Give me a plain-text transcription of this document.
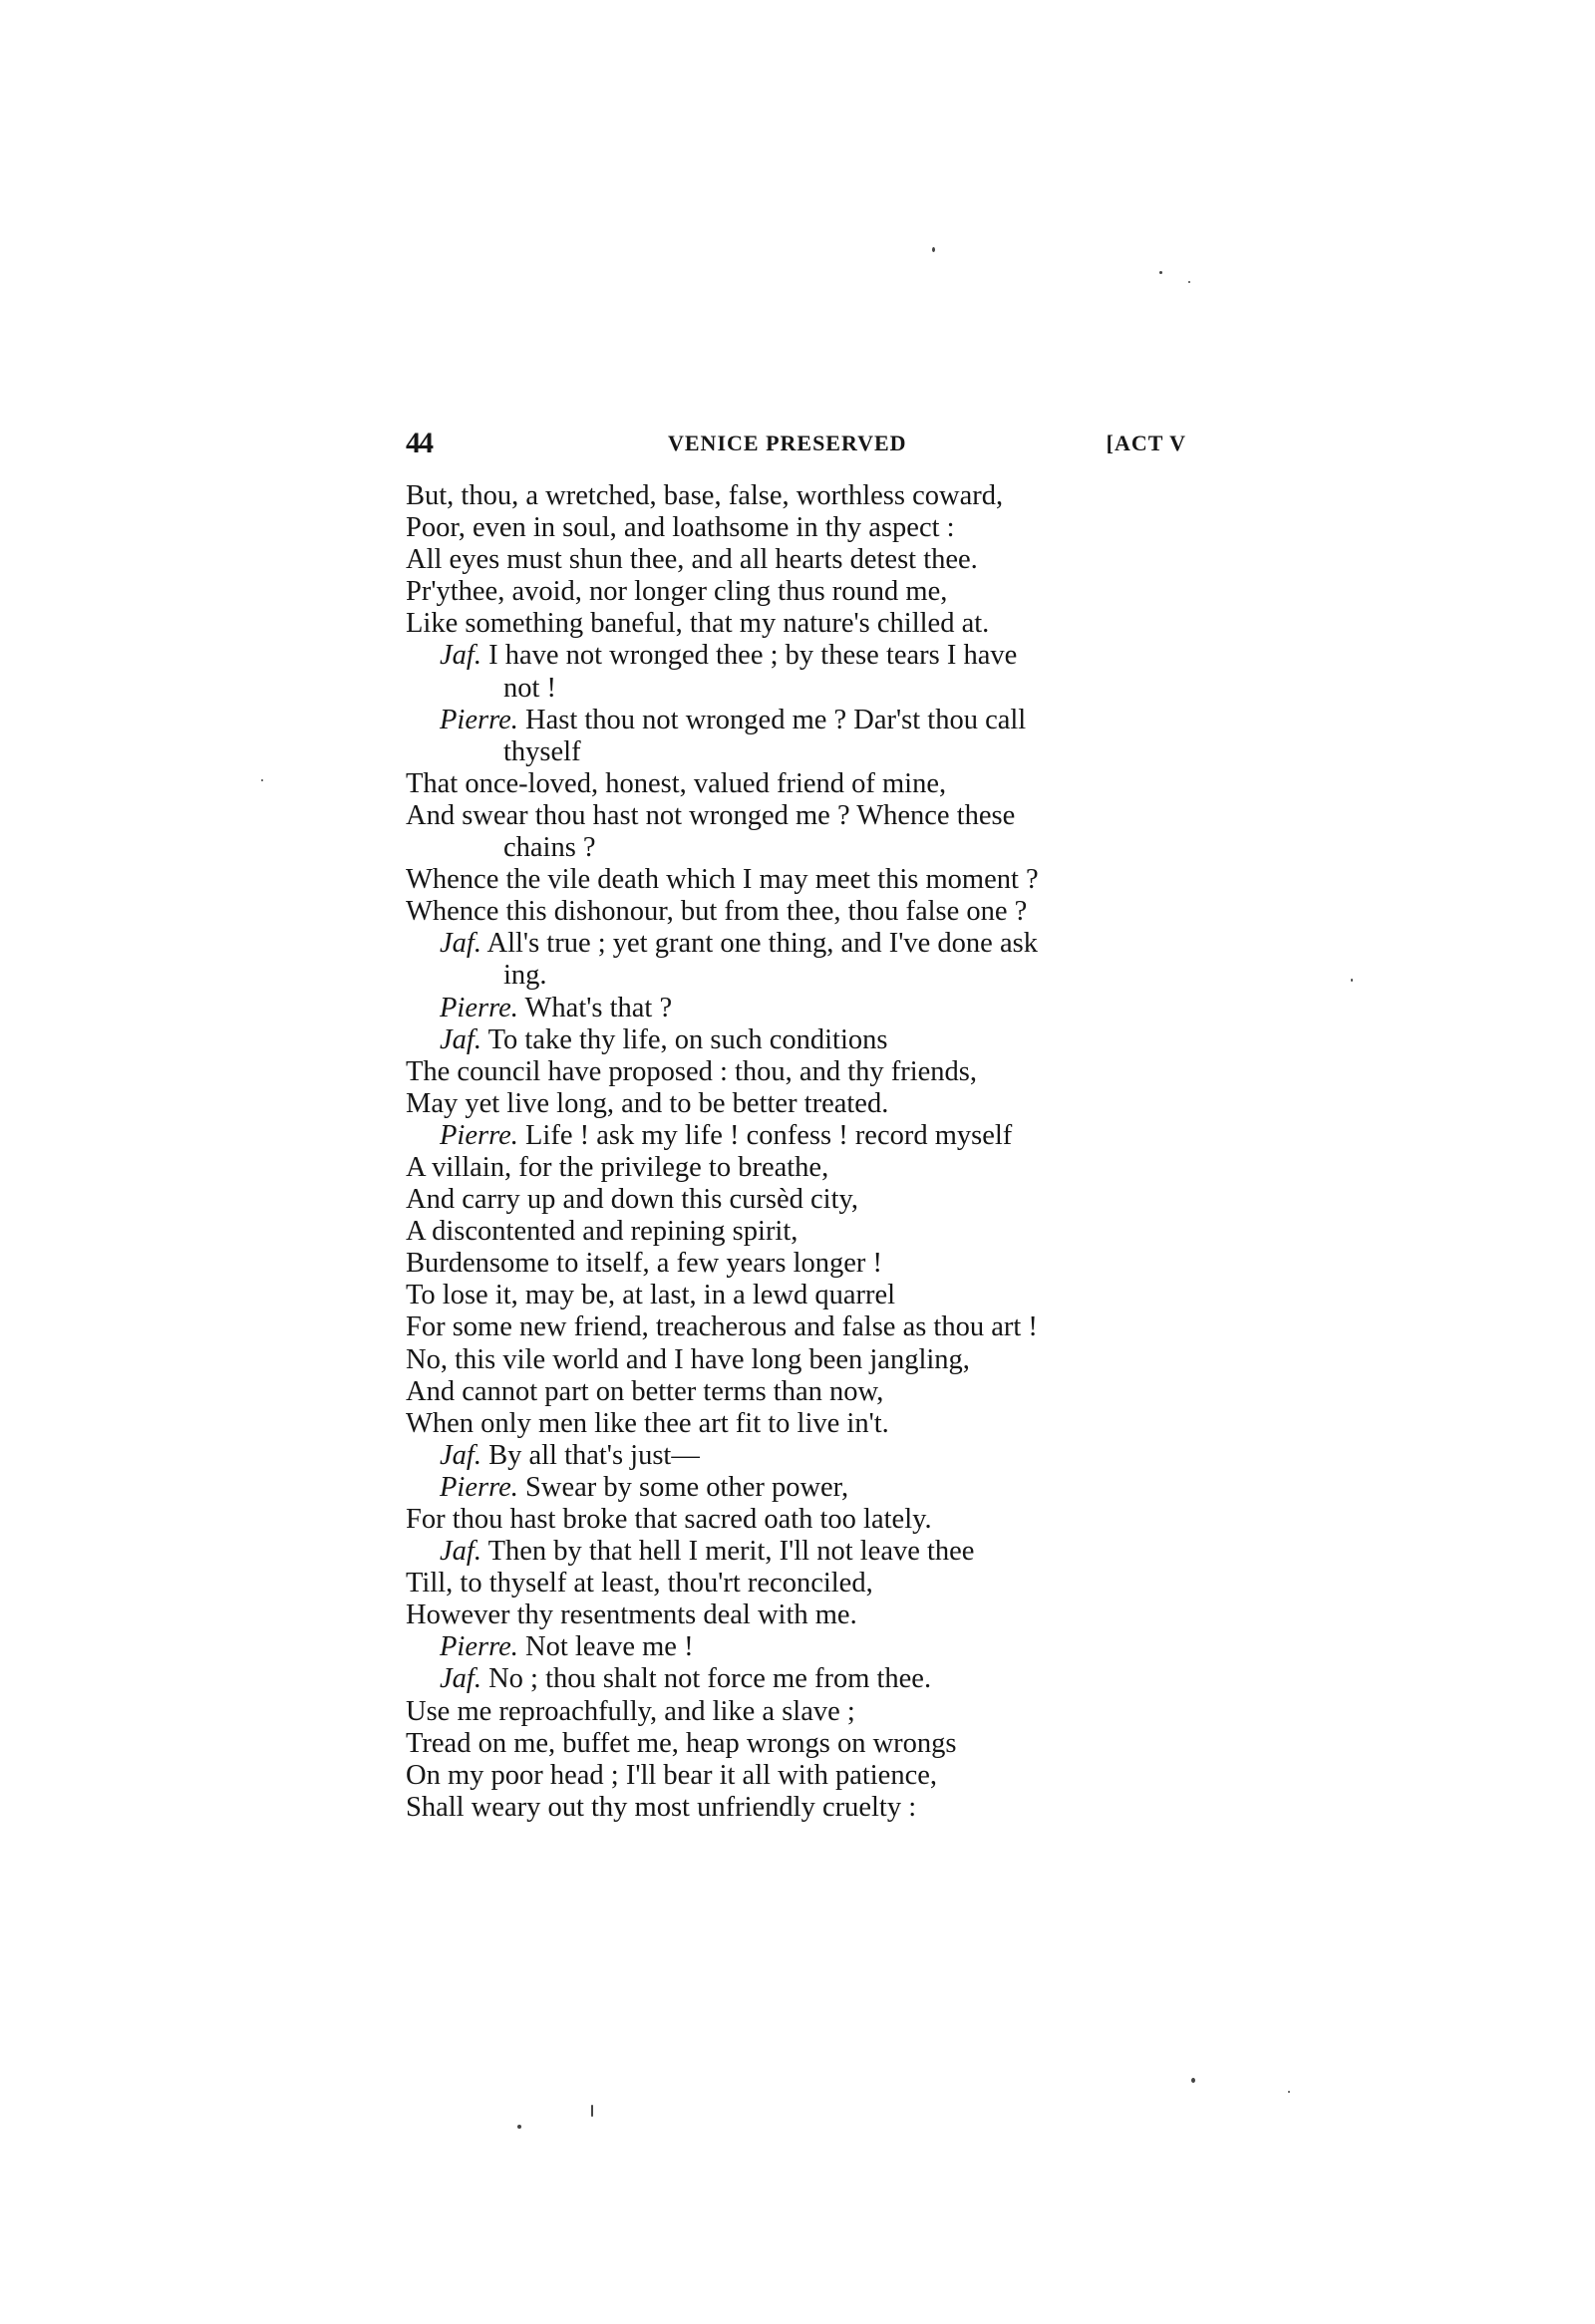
44	VENICE PRESERVED	[ACT V
But, thou, a wretched, base, false, worthless coward,
Poor, even in soul, and loathsome in thy aspect :
All eyes must shun thee, and all hearts detest thee.
Pr'ythee, avoid, nor longer cling thus round me,
Like something baneful, that my nature's chilled at.
Jaf. I have not wronged thee ; by these tears I have
not !
Pierre. Hast thou not wronged me ? Dar'st thou call
thyself
That once-loved, honest, valued friend of mine,
And swear thou hast not wronged me ? Whence these
chains ?
Whence the vile death which I may meet this moment ?
Whence this dishonour, but from thee, thou false one ?
Jaf. All's true ; yet grant one thing, and I've done ask
ing.
Pierre. What's that ?
Jaf. To take thy life, on such conditions
The council have proposed : thou, and thy friends,
May yet live long, and to be better treated.
Pierre. Life ! ask my life ! confess ! record myself
A villain, for the privilege to breathe,
And carry up and down this cursèd city,
A discontented and repining spirit,
Burdensome to itself, a few years longer !
To lose it, may be, at last, in a lewd quarrel
For some new friend, treacherous and false as thou art !
No, this vile world and I have long been jangling,
And cannot part on better terms than now,
When only men like thee art fit to live in't.
Jaf. By all that's just—
Pierre. Swear by some other power,
For thou hast broke that sacred oath too lately.
Jaf. Then by that hell I merit, I'll not leave thee
Till, to thyself at least, thou'rt reconciled,
However thy resentments deal with me.
Pierre. Not leave me !
Jaf. No ; thou shalt not force me from thee.
Use me reproachfully, and like a slave ;
Tread on me, buffet me, heap wrongs on wrongs
On my poor head ; I'll bear it all with patience,
Shall weary out thy most unfriendly cruelty :
